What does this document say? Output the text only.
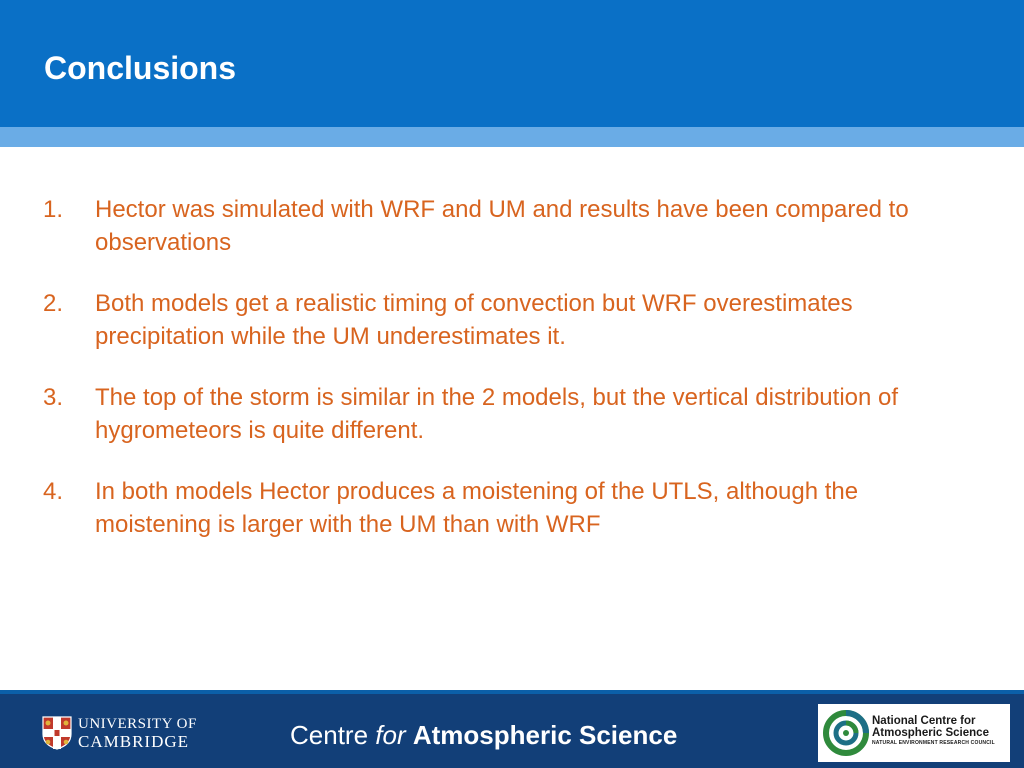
Conclusions
1. Hector was simulated with WRF and UM and results have been compared to observations
2. Both models get a realistic timing of convection but WRF overestimates precipitation while the UM underestimates it.
3. The top of the storm is similar in the 2 models, but the vertical distribution of hygrometeors is quite different.
4. In both models Hector produces a moistening of the UTLS, although the moistening is larger with the UM than with WRF
UNIVERSITY OF
CAMBRIDGE	Centre for Atmospheric Science	National Centre for
Atmospheric Science
NATURAL ENVIRONMENT RESEARCH COUNCIL
